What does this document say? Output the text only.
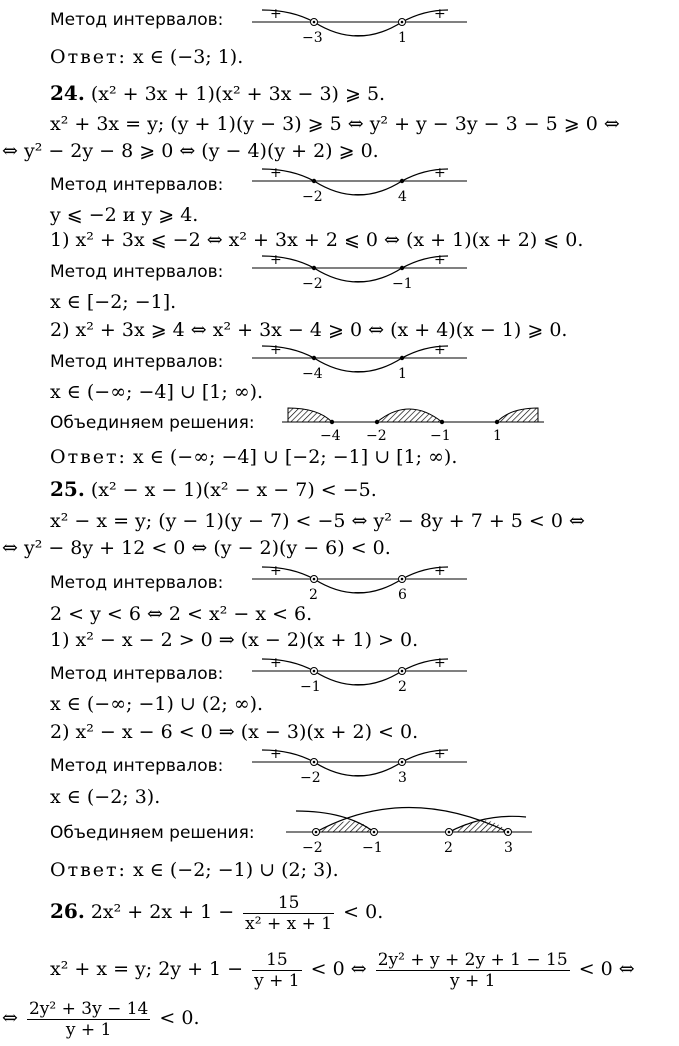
Метод интервалов:	+
−
+
−3	1
Ответ: x ∈ (−3; 1).
24. (x² + 3x + 1)(x² + 3x − 3) ⩾ 5.
x² + 3x = y; (y + 1)(y − 3) ⩾ 5 ⇔ y² + y − 3y − 3 − 5 ⩾ 0 ⇔
⇔ y² − 2y − 8 ⩾ 0 ⇔ (y − 4)(y + 2) ⩾ 0.
Метод интервалов:
+
−
+
−2	4
y ⩽ −2 и y ⩾ 4.
1) x² + 3x ⩽ −2 ⇔ x² + 3x + 2 ⩽ 0 ⇔ (x + 1)(x + 2) ⩽ 0.
Метод интервалов:
+
−
+
−2	−1
x ∈ [−2; −1].
2) x² + 3x ⩾ 4 ⇔ x² + 3x − 4 ⩾ 0 ⇔ (x + 4)(x − 1) ⩾ 0.
Метод интервалов:
+
−
+
−4	1
x ∈ (−∞; −4] ∪ [1; ∞).
Объединяем решения:
−4 −2	−1	1
Ответ: x ∈ (−∞; −4] ∪ [−2; −1] ∪ [1; ∞).
25. (x² − x − 1)(x² − x − 7) < −5.
x² − x = y; (y − 1)(y − 7) < −5 ⇔ y² − 8y + 7 + 5 < 0 ⇔
⇔ y² − 8y + 12 < 0 ⇔ (y − 2)(y − 6) < 0.
Метод интервалов:
+
−
+
2	6
2 < y < 6 ⇔ 2 < x² − x < 6.
1) x² − x − 2 > 0 ⇒ (x − 2)(x + 1) > 0.
Метод интервалов:
+
−
+
−1	2
x ∈ (−∞; −1) ∪ (2; ∞).
2) x² − x − 6 < 0 ⇒ (x − 3)(x + 2) < 0.
Метод интервалов:
+
−
+
−2	3
x ∈ (−2; 3).
Объединяем решения:
−2	−1	2	3
Ответ: x ∈ (−2; −1) ∪ (2; 3).
26. $2x^2 + 2x + 1 - \frac{15}{\text{x² + x + 1}} < 0$.
x² + x = y; $2y + 1 - \frac{15}{y + 1} < 0$ ⇔ $\frac{\text{2y² + y + 2y + 1 − 15}}{y + 1} < 0$ ⇔
⇔ $\frac{\text{2y² + 3y − 14}}{y + 1} < 0$.
